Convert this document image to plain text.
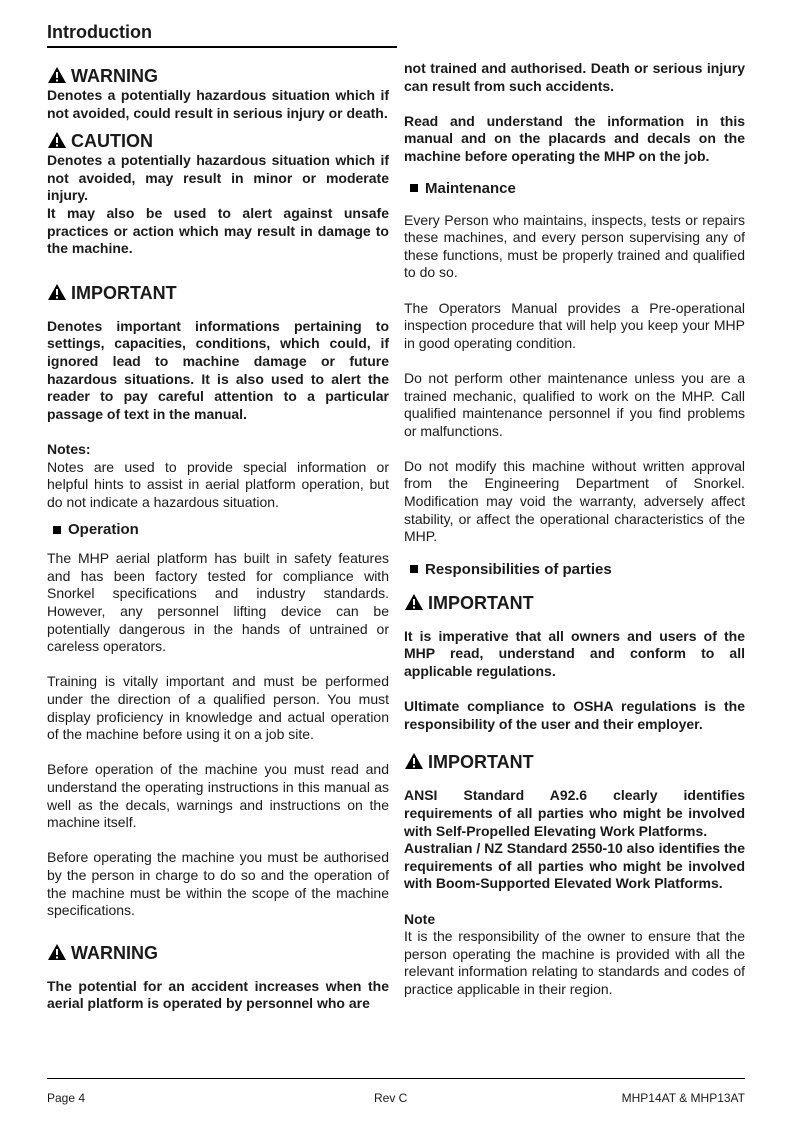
Introduction

WARNING

Denotes a potentially hazardous situation which if not avoided, could result in serious injury or death.

CAUTION

Denotes a potentially hazardous situation which if not avoided, may result in minor or moderate injury.

It may also be used to alert against unsafe practices or action which may result in damage to the machine.

IMPORTANT

Denotes important informations pertaining to settings, capacities, conditions, which could, if ignored lead to machine damage or future hazardous situations. It is also used to alert the reader to pay careful attention to a particular passage of text in the manual.

Notes:

Notes are used to provide special information or helpful hints to assist in aerial platform operation, but do not indicate a hazardous situation.

Operation

The MHP aerial platform has built in safety features and has been factory tested for compliance with Snorkel specifications and industry standards. However, any personnel lifting device can be potentially dangerous in the hands of untrained or careless operators.

Training is vitally important and must be performed under the direction of a qualified person. You must display proficiency in knowledge and actual operation of the machine before using it on a job site.

Before operation of the machine you must read and understand the operating instructions in this manual as well as the decals, warnings and instructions on the machine itself.

Before operating the machine you must be authorised by the person in charge to do so and the operation of the machine must be within the scope of the machine specifications.

WARNING

The potential for an accident increases when the aerial platform is operated by personnel who are

not trained and authorised. Death or serious injury can result from such accidents.

Read and understand the information in this manual and on the placards and decals on the machine before operating the MHP on the job.

Maintenance

Every Person who maintains, inspects, tests or repairs these machines, and every person supervising any of these functions, must be properly trained and qualified to do so.

The Operators Manual provides a Pre-operational inspection procedure that will help you keep your MHP in good operating condition.

Do not perform other maintenance unless you are a trained mechanic, qualified to work on the MHP. Call qualified maintenance personnel if you find problems or malfunctions.

Do not modify this machine without written approval from the Engineering Department of Snorkel. Modification may void the warranty, adversely affect stability, or affect the operational characteristics of the MHP.

Responsibilities of parties

IMPORTANT

It is imperative that all owners and users of the MHP read, understand and conform to all applicable regulations.

Ultimate compliance to OSHA regulations is the responsibility of the user and their employer.

IMPORTANT

ANSI Standard A92.6 clearly identifies requirements of all parties who might be involved with Self-Propelled Elevating Work Platforms.

Australian / NZ Standard 2550-10 also identifies the requirements of all parties who might be involved with Boom-Supported Elevated Work Platforms.

Note

It is the responsibility of the owner to ensure that the person operating the machine is provided with all the relevant information relating to standards and codes of practice applicable in their region.

Page 4	Rev C	MHP14AT & MHP13AT
